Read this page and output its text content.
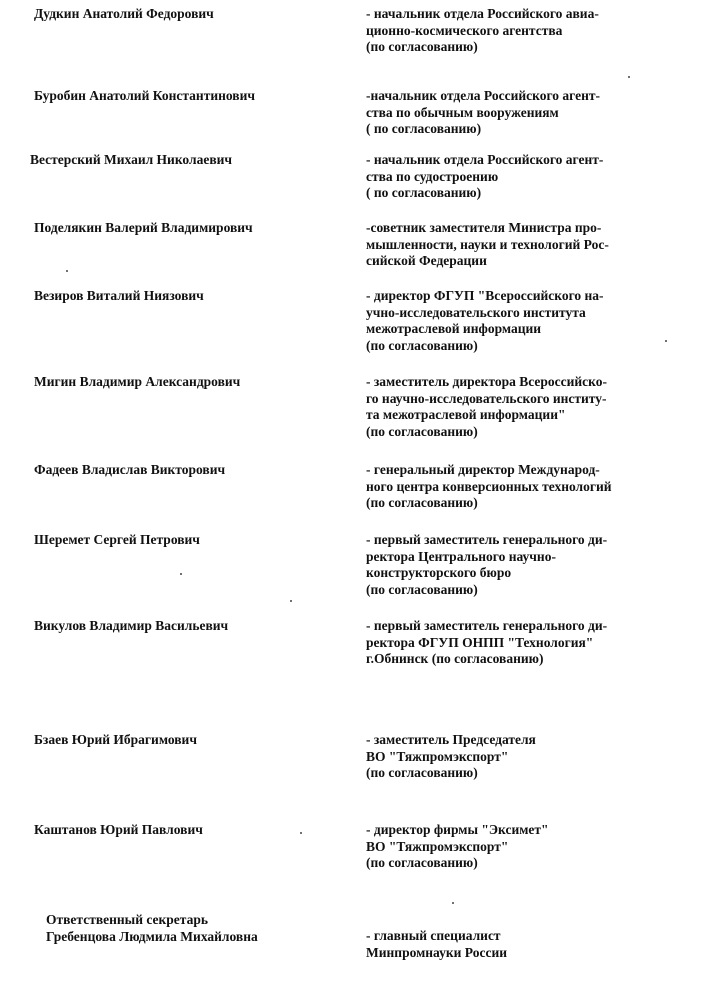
Дудкин Анатолий Федорович	- начальник отдела Российского авиа-
ционно-космического агентства
(по согласованию)
Буробин Анатолий Константинович	-начальник отдела Российского агент-
ства по обычным вооружениям
( по согласованию)
Вестерский Михаил Николаевич	- начальник отдела Российского агент-
ства по судостроению
( по согласованию)
Поделякин Валерий Владимирович	-советник заместителя Министра про-
мышленности, науки и технологий Рос-
сийской Федерации
Везиров Виталий Ниязович	- директор ФГУП "Всероссийского на-
учно-исследовательского института
межотраслевой информации
(по согласованию)
Мигин Владимир Александрович	- заместитель директора Всероссийско-
го научно-исследовательского институ-
та межотраслевой информации"
(по согласованию)
Фадеев Владислав Викторович	- генеральный директор Международ-
ного центра конверсионных технологий
(по согласованию)
Шеремет Сергей Петрович	- первый заместитель генерального ди-
ректора Центрального научно-
конструкторского бюро
(по согласованию)
Викулов Владимир Васильевич	- первый заместитель генерального ди-
ректора ФГУП ОНПП "Технология"
г.Обнинск (по согласованию)
Бзаев Юрий Ибрагимович	- заместитель Председателя
ВО "Тяжпромэкспорт"
(по согласованию)
Каштанов Юрий Павлович	- директор фирмы "Эксимет"
ВО "Тяжпромэкспорт"
(по согласованию)
Ответственный секретарь
Гребенцова Людмила Михайловна	- главный специалист
Минпромнауки России
